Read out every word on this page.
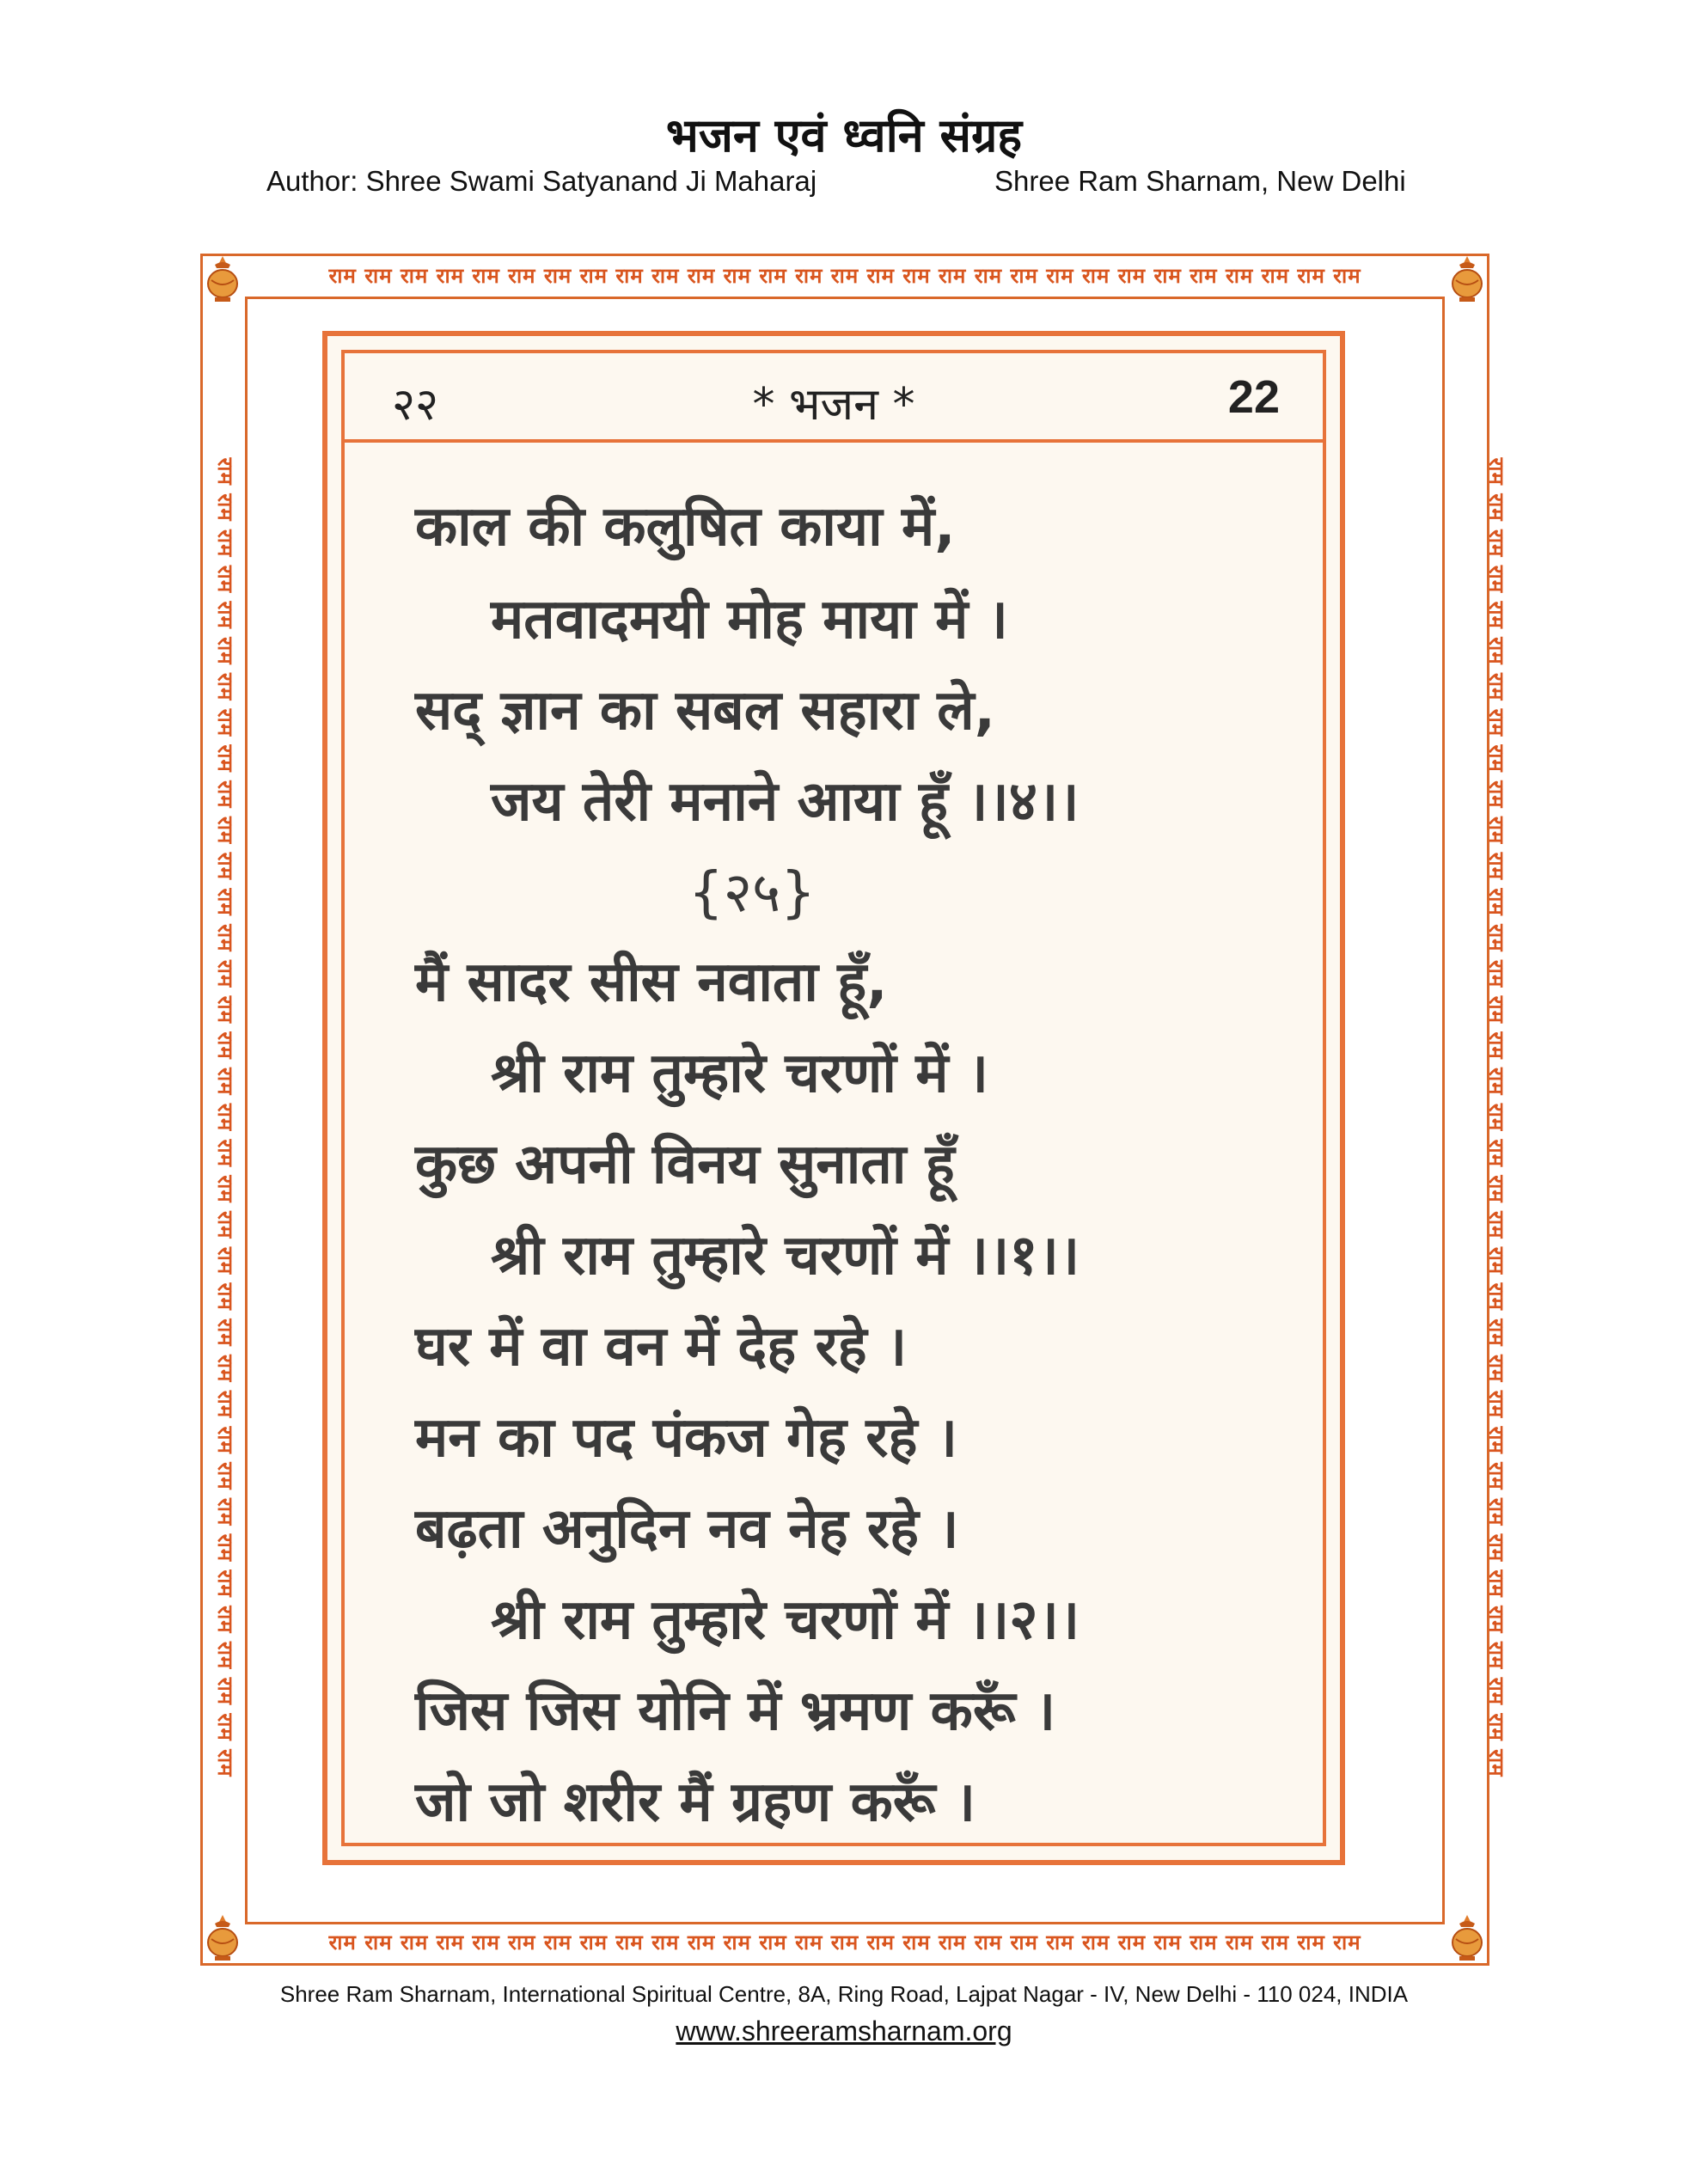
भजन एवं ध्वनि संग्रह
Author: Shree Swami Satyanand Ji Maharaj	Shree Ram Sharnam, New Delhi
राम राम राम राम राम राम राम राम राम राम राम राम राम राम राम राम राम राम राम राम राम राम राम राम राम राम राम राम राम
राम राम राम राम राम राम राम राम राम राम राम राम राम राम राम राम राम राम राम राम राम राम राम राम राम राम राम राम राम
राम राम राम राम राम राम राम राम राम राम राम राम राम राम राम राम राम राम राम राम राम राम राम राम राम राम राम राम राम राम राम राम राम राम राम राम राम	राम राम राम राम राम राम राम राम राम राम राम राम राम राम राम राम राम राम राम राम राम राम राम राम राम राम राम राम राम राम राम राम राम राम राम राम राम
२२	* भजन *	22
काल की कलुषित काया में,
मतवादमयी मोह माया में ।
सद् ज्ञान का सबल सहारा ले,
जय तेरी मनाने आया हूँ ।।४।।
{२५}
मैं सादर सीस नवाता हूँ,
श्री राम तुम्हारे चरणों में ।
कुछ अपनी विनय सुनाता हूँ
श्री राम तुम्हारे चरणों में ।।१।।
घर में वा वन में देह रहे ।
मन का पद पंकज गेह रहे ।
बढ़ता अनुदिन नव नेह रहे ।
श्री राम तुम्हारे चरणों में ।।२।।
जिस जिस योनि में भ्रमण करूँ ।
जो जो शरीर मैं ग्रहण करूँ ।
Shree Ram Sharnam, International Spiritual Centre, 8A, Ring Road, Lajpat Nagar - IV, New Delhi - 110 024, INDIA
www.shreeramsharnam.org
